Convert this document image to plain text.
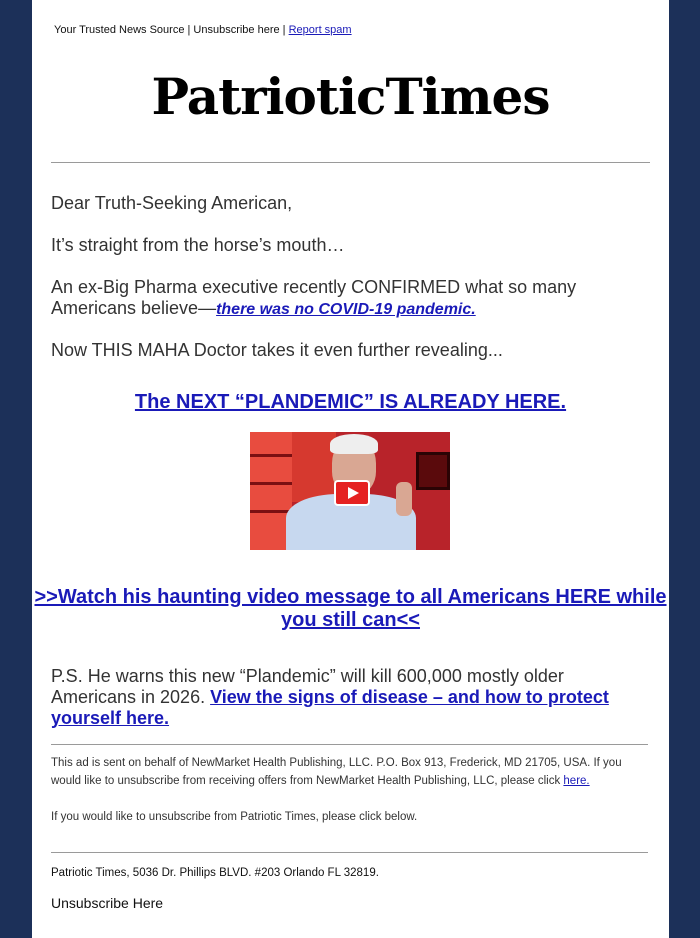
Your Trusted News Source | Unsubscribe here | Report spam
PatrioticTimes
Dear Truth-Seeking American,
It’s straight from the horse’s mouth…
An ex-Big Pharma executive recently CONFIRMED what so many Americans believe—there was no COVID-19 pandemic.
Now THIS MAHA Doctor takes it even further revealing...
The NEXT “PLANDEMIC” IS ALREADY HERE.
>>Watch his haunting video message to all Americans HERE while you still can<<
P.S. He warns this new “Plandemic” will kill 600,000 mostly older Americans in 2026. View the signs of disease – and how to protect yourself here.
This ad is sent on behalf of NewMarket Health Publishing, LLC. P.O. Box 913, Frederick, MD 21705, USA. If you would like to unsubscribe from receiving offers from NewMarket Health Publishing, LLC, please click here.
If you would like to unsubscribe from Patriotic Times, please click below.
Patriotic Times, 5036 Dr. Phillips BLVD. #203 Orlando FL 32819.
Unsubscribe Here
